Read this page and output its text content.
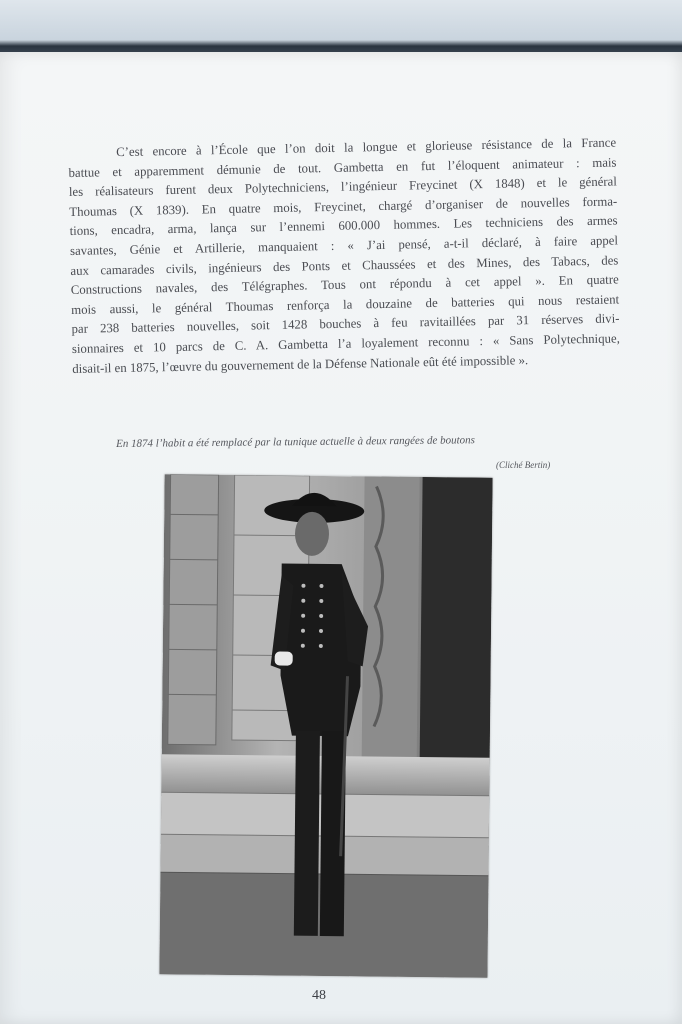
C’est encore à l’École que l’on doit la longue et glorieuse résistance de la France
battue et apparemment démunie de tout. Gambetta en fut l’éloquent animateur : mais
les réalisateurs furent deux Polytechniciens, l’ingénieur Freycinet (X 1848) et le général
Thoumas (X 1839). En quatre mois, Freycinet, chargé d’organiser de nouvelles forma-
tions, encadra, arma, lança sur l’ennemi 600.000 hommes. Les techniciens des armes
savantes, Génie et Artillerie, manquaient : « J’ai pensé, a-t-il déclaré, à faire appel
aux camarades civils, ingénieurs des Ponts et Chaussées et des Mines, des Tabacs, des
Constructions navales, des Télégraphes. Tous ont répondu à cet appel ». En quatre
mois aussi, le général Thoumas renforça la douzaine de batteries qui nous restaient
par 238 batteries nouvelles, soit 1428 bouches à feu ravitaillées par 31 réserves divi-
sionnaires et 10 parcs de C. A. Gambetta l’a loyalement reconnu : « Sans Polytechnique,
disait-il en 1875, l’œuvre du gouvernement de la Défense Nationale eût été impossible ».
En 1874 l’habit a été remplacé par la tunique actuelle à deux rangées de boutons
(Cliché Bertin)
48
